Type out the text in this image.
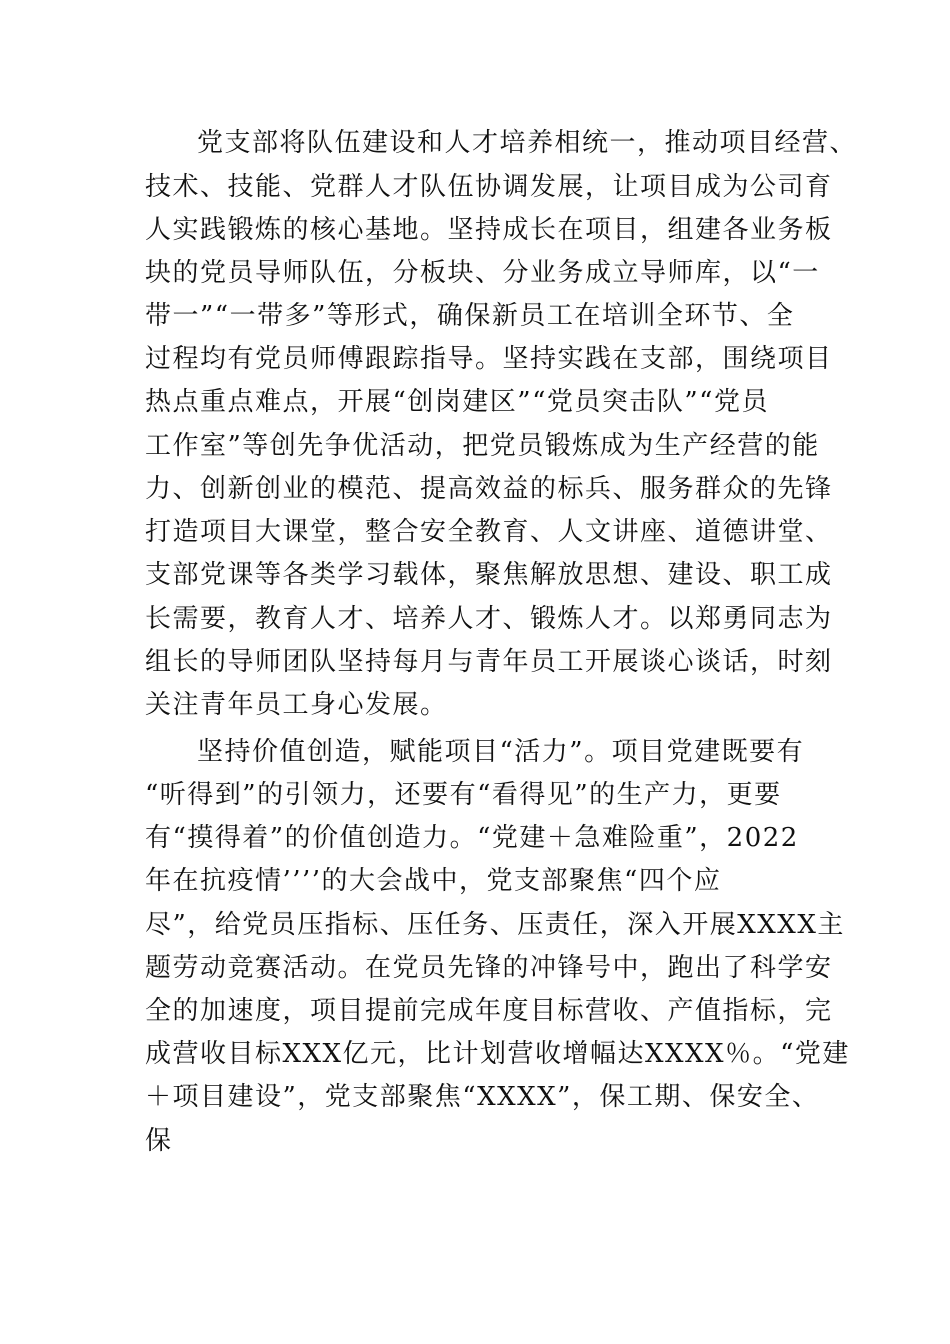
党支部将队伍建设和人才培养相统一，推动项目经营、
技术、技能、党群人才队伍协调发展，让项目成为公司育
人实践锻炼的核心基地。坚持成长在项目，组建各业务板
块的党员导师队伍，分板块、分业务成立导师库，以“一
带一”“一带多”等形式，确保新员工在培训全环节、全
过程均有党员师傅跟踪指导。坚持实践在支部，围绕项目
热点重点难点，开展“创岗建区”“党员突击队”“党员
工作室”等创先争优活动，把党员锻炼成为生产经营的能
力、创新创业的模范、提高效益的标兵、服务群众的先锋
打造项目大课堂，整合安全教育、人文讲座、道德讲堂、
支部党课等各类学习载体，聚焦解放思想、建设、职工成
长需要，教育人才、培养人才、锻炼人才。以郑勇同志为
组长的导师团队坚持每月与青年员工开展谈心谈话，时刻
关注青年员工身心发展。
坚持价值创造，赋能项目“活力”。项目党建既要有
“听得到”的引领力，还要有“看得见”的生产力，更要
有“摸得着”的价值创造力。“党建＋急难险重”，2022
年在抗疫情’’’’的大会战中，党支部聚焦“四个应
尽”，给党员压指标、压任务、压责任，深入开展XXXX主
题劳动竞赛活动。在党员先锋的冲锋号中，跑出了科学安
全的加速度，项目提前完成年度目标营收、产值指标，完
成营收目标XXX亿元，比计划营收增幅达XXXX％。“党建
＋项目建设”，党支部聚焦“XXXX”，保工期、保安全、
保
